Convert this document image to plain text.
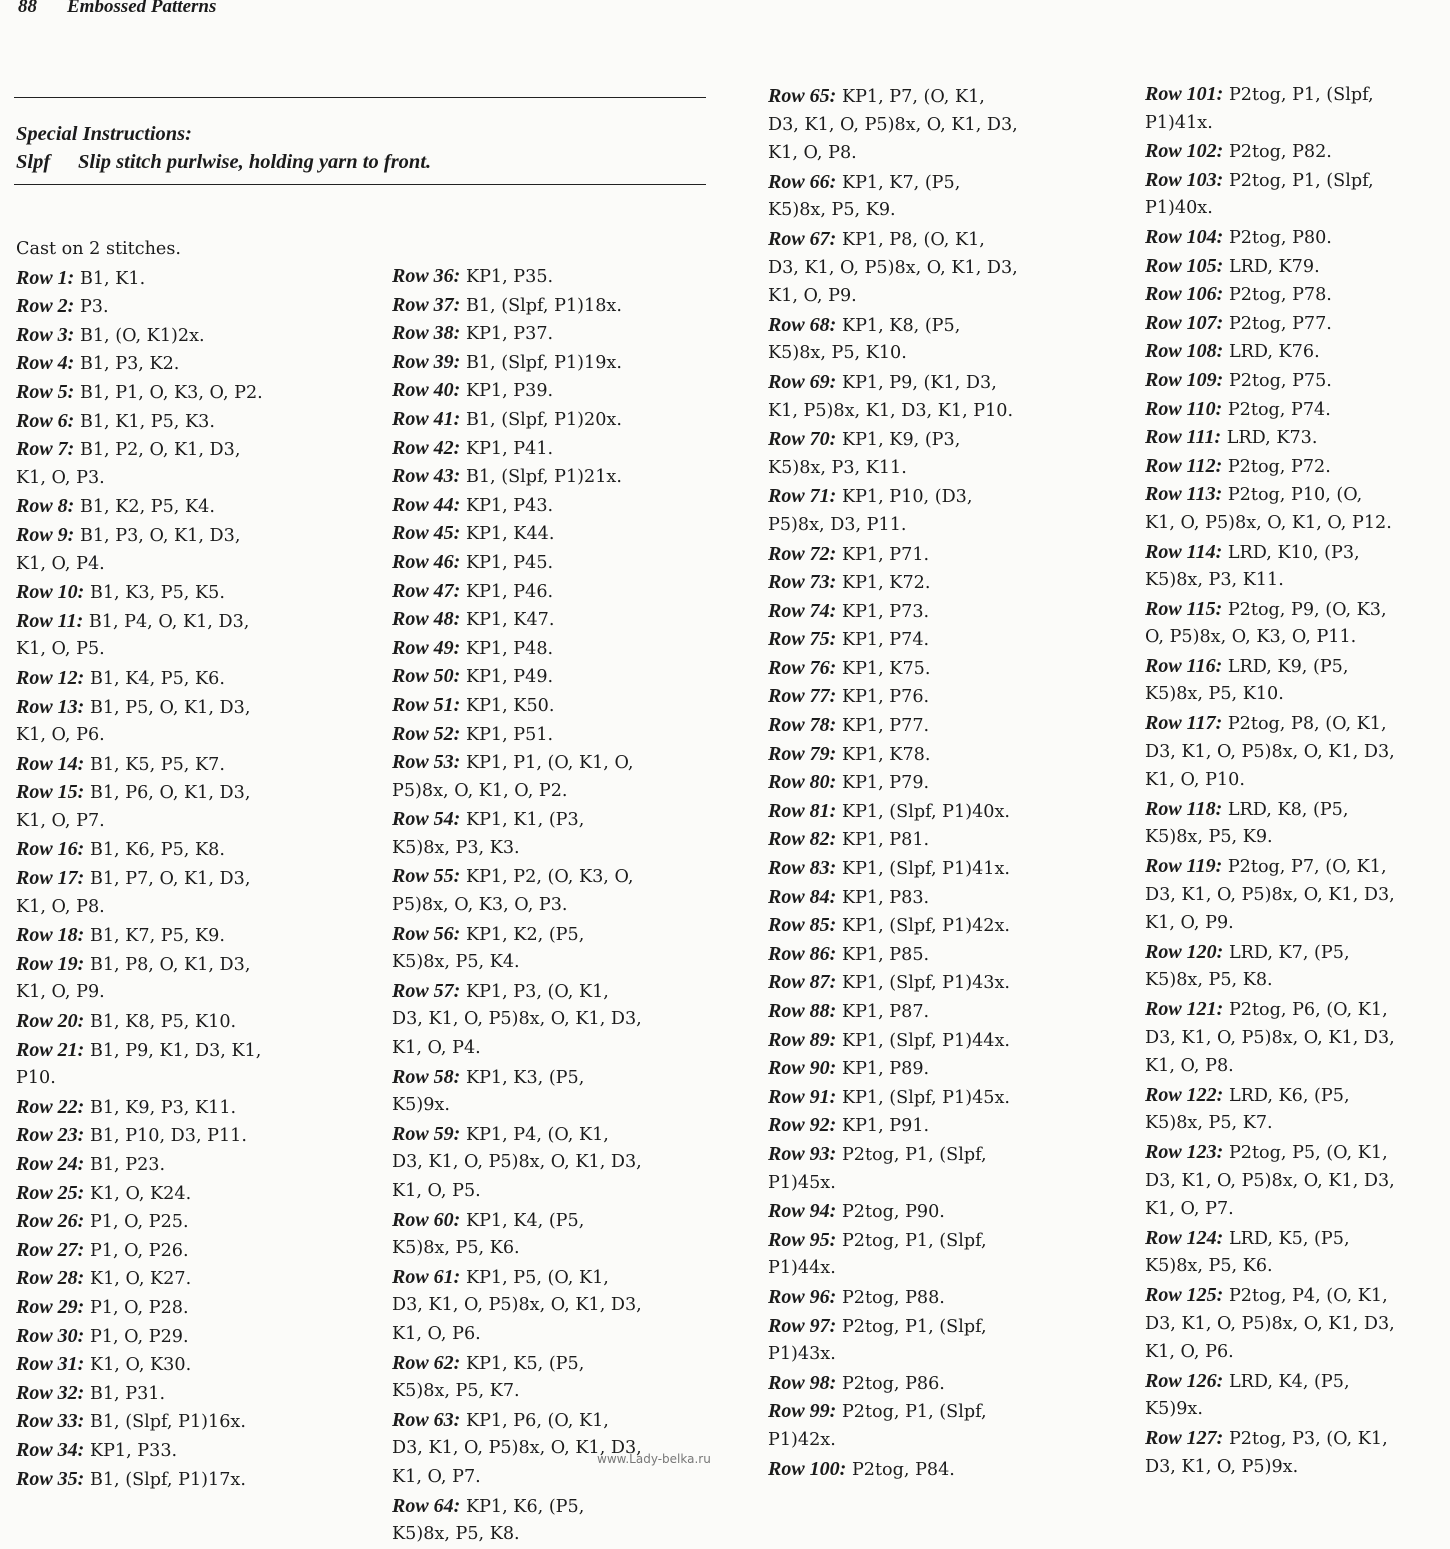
88 Embossed Patterns
Special Instructions:
Slpf Slip stitch purlwise, holding yarn to front.
Cast on 2 stitches.
Row 1: B1, K1.
Row 2: P3.
Row 3: B1, (O, K1)2x.
Row 4: B1, P3, K2.
Row 5: B1, P1, O, K3, O, P2.
Row 6: B1, K1, P5, K3.
Row 7: B1, P2, O, K1, D3,
K1, O, P3.
Row 8: B1, K2, P5, K4.
Row 9: B1, P3, O, K1, D3,
K1, O, P4.
Row 10: B1, K3, P5, K5.
Row 11: B1, P4, O, K1, D3,
K1, O, P5.
Row 12: B1, K4, P5, K6.
Row 13: B1, P5, O, K1, D3,
K1, O, P6.
Row 14: B1, K5, P5, K7.
Row 15: B1, P6, O, K1, D3,
K1, O, P7.
Row 16: B1, K6, P5, K8.
Row 17: B1, P7, O, K1, D3,
K1, O, P8.
Row 18: B1, K7, P5, K9.
Row 19: B1, P8, O, K1, D3,
K1, O, P9.
Row 20: B1, K8, P5, K10.
Row 21: B1, P9, K1, D3, K1,
P10.
Row 22: B1, K9, P3, K11.
Row 23: B1, P10, D3, P11.
Row 24: B1, P23.
Row 25: K1, O, K24.
Row 26: P1, O, P25.
Row 27: P1, O, P26.
Row 28: K1, O, K27.
Row 29: P1, O, P28.
Row 30: P1, O, P29.
Row 31: K1, O, K30.
Row 32: B1, P31.
Row 33: B1, (Slpf, P1)16x.
Row 34: KP1, P33.
Row 35: B1, (Slpf, P1)17x.
Row 36: KP1, P35.
Row 37: B1, (Slpf, P1)18x.
Row 38: KP1, P37.
Row 39: B1, (Slpf, P1)19x.
Row 40: KP1, P39.
Row 41: B1, (Slpf, P1)20x.
Row 42: KP1, P41.
Row 43: B1, (Slpf, P1)21x.
Row 44: KP1, P43.
Row 45: KP1, K44.
Row 46: KP1, P45.
Row 47: KP1, P46.
Row 48: KP1, K47.
Row 49: KP1, P48.
Row 50: KP1, P49.
Row 51: KP1, K50.
Row 52: KP1, P51.
Row 53: KP1, P1, (O, K1, O,
P5)8x, O, K1, O, P2.
Row 54: KP1, K1, (P3,
K5)8x, P3, K3.
Row 55: KP1, P2, (O, K3, O,
P5)8x, O, K3, O, P3.
Row 56: KP1, K2, (P5,
K5)8x, P5, K4.
Row 57: KP1, P3, (O, K1,
D3, K1, O, P5)8x, O, K1, D3,
K1, O, P4.
Row 58: KP1, K3, (P5,
K5)9x.
Row 59: KP1, P4, (O, K1,
D3, K1, O, P5)8x, O, K1, D3,
K1, O, P5.
Row 60: KP1, K4, (P5,
K5)8x, P5, K6.
Row 61: KP1, P5, (O, K1,
D3, K1, O, P5)8x, O, K1, D3,
K1, O, P6.
Row 62: KP1, K5, (P5,
K5)8x, P5, K7.
Row 63: KP1, P6, (O, K1,
D3, K1, O, P5)8x, O, K1, D3,
K1, O, P7.
Row 64: KP1, K6, (P5,
K5)8x, P5, K8.
Row 65: KP1, P7, (O, K1,
D3, K1, O, P5)8x, O, K1, D3,
K1, O, P8.
Row 66: KP1, K7, (P5,
K5)8x, P5, K9.
Row 67: KP1, P8, (O, K1,
D3, K1, O, P5)8x, O, K1, D3,
K1, O, P9.
Row 68: KP1, K8, (P5,
K5)8x, P5, K10.
Row 69: KP1, P9, (K1, D3,
K1, P5)8x, K1, D3, K1, P10.
Row 70: KP1, K9, (P3,
K5)8x, P3, K11.
Row 71: KP1, P10, (D3,
P5)8x, D3, P11.
Row 72: KP1, P71.
Row 73: KP1, K72.
Row 74: KP1, P73.
Row 75: KP1, P74.
Row 76: KP1, K75.
Row 77: KP1, P76.
Row 78: KP1, P77.
Row 79: KP1, K78.
Row 80: KP1, P79.
Row 81: KP1, (Slpf, P1)40x.
Row 82: KP1, P81.
Row 83: KP1, (Slpf, P1)41x.
Row 84: KP1, P83.
Row 85: KP1, (Slpf, P1)42x.
Row 86: KP1, P85.
Row 87: KP1, (Slpf, P1)43x.
Row 88: KP1, P87.
Row 89: KP1, (Slpf, P1)44x.
Row 90: KP1, P89.
Row 91: KP1, (Slpf, P1)45x.
Row 92: KP1, P91.
Row 93: P2tog, P1, (Slpf,
P1)45x.
Row 94: P2tog, P90.
Row 95: P2tog, P1, (Slpf,
P1)44x.
Row 96: P2tog, P88.
Row 97: P2tog, P1, (Slpf,
P1)43x.
Row 98: P2tog, P86.
Row 99: P2tog, P1, (Slpf,
P1)42x.
Row 100: P2tog, P84.
Row 101: P2tog, P1, (Slpf,
P1)41x.
Row 102: P2tog, P82.
Row 103: P2tog, P1, (Slpf,
P1)40x.
Row 104: P2tog, P80.
Row 105: LRD, K79.
Row 106: P2tog, P78.
Row 107: P2tog, P77.
Row 108: LRD, K76.
Row 109: P2tog, P75.
Row 110: P2tog, P74.
Row 111: LRD, K73.
Row 112: P2tog, P72.
Row 113: P2tog, P10, (O,
K1, O, P5)8x, O, K1, O, P12.
Row 114: LRD, K10, (P3,
K5)8x, P3, K11.
Row 115: P2tog, P9, (O, K3,
O, P5)8x, O, K3, O, P11.
Row 116: LRD, K9, (P5,
K5)8x, P5, K10.
Row 117: P2tog, P8, (O, K1,
D3, K1, O, P5)8x, O, K1, D3,
K1, O, P10.
Row 118: LRD, K8, (P5,
K5)8x, P5, K9.
Row 119: P2tog, P7, (O, K1,
D3, K1, O, P5)8x, O, K1, D3,
K1, O, P9.
Row 120: LRD, K7, (P5,
K5)8x, P5, K8.
Row 121: P2tog, P6, (O, K1,
D3, K1, O, P5)8x, O, K1, D3,
K1, O, P8.
Row 122: LRD, K6, (P5,
K5)8x, P5, K7.
Row 123: P2tog, P5, (O, K1,
D3, K1, O, P5)8x, O, K1, D3,
K1, O, P7.
Row 124: LRD, K5, (P5,
K5)8x, P5, K6.
Row 125: P2tog, P4, (O, K1,
D3, K1, O, P5)8x, O, K1, D3,
K1, O, P6.
Row 126: LRD, K4, (P5,
K5)9x.
Row 127: P2tog, P3, (O, K1,
D3, K1, O, P5)9x.
www.Lady-belka.ru
